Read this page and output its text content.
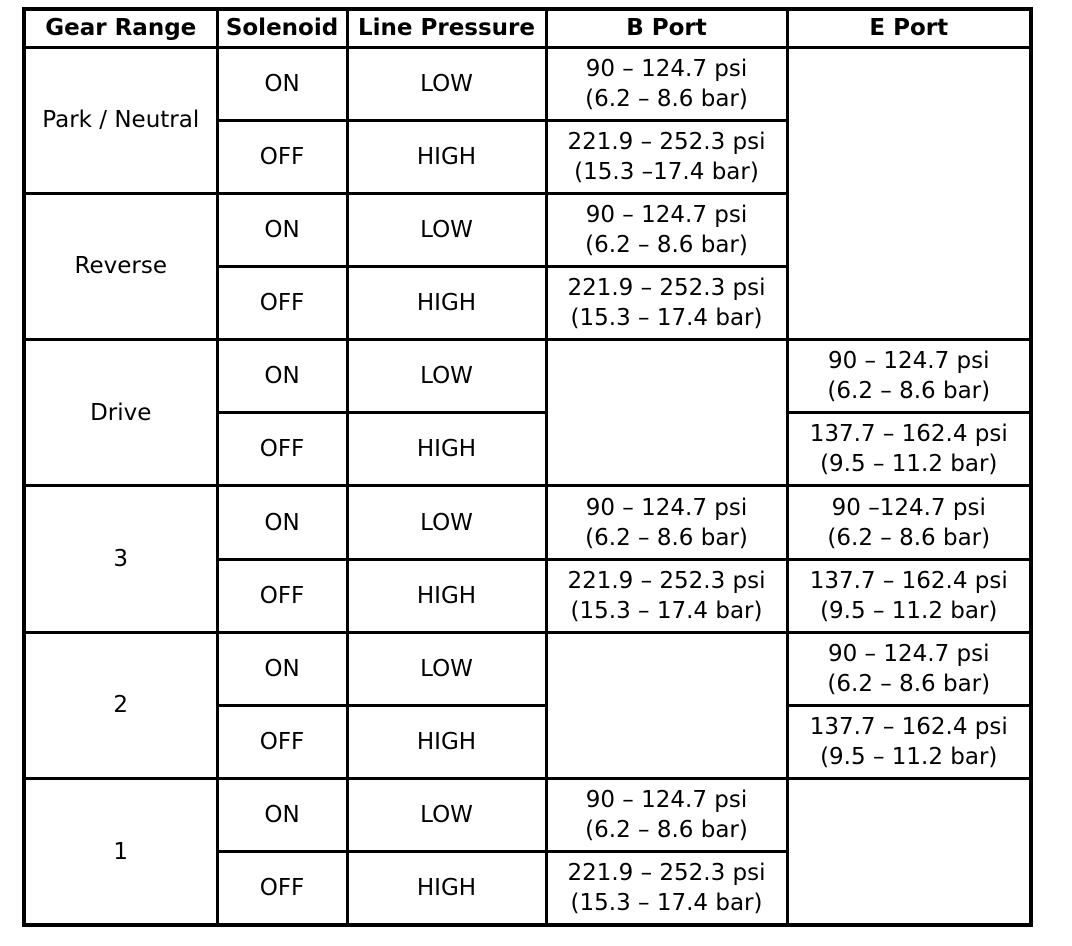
Gear Range	Solenoid	Line Pressure	B Port	E Port
Park / Neutral	ON	LOW	90 – 124.7 psi
(6.2 – 8.6 bar)	

	OFF	HIGH	221.9 – 252.3 psi
(15.3 –17.4 bar)	

Reverse	ON	LOW	90 – 124.7 psi
(6.2 – 8.6 bar)	

	OFF	HIGH	221.9 – 252.3 psi
(15.3 – 17.4 bar)	

Drive	ON	LOW		90 – 124.7 psi
(6.2 – 8.6 bar)

	OFF	HIGH		137.7 – 162.4 psi
(9.5 – 11.2 bar)

3	ON	LOW	90 – 124.7 psi
(6.2 – 8.6 bar)	90 –124.7 psi
(6.2 – 8.6 bar)

	OFF	HIGH	221.9 – 252.3 psi
(15.3 – 17.4 bar)	137.7 – 162.4 psi
(9.5 – 11.2 bar)

2	ON	LOW		90 – 124.7 psi
(6.2 – 8.6 bar)

	OFF	HIGH		137.7 – 162.4 psi
(9.5 – 11.2 bar)

1	ON	LOW	90 – 124.7 psi
(6.2 – 8.6 bar)	

	OFF	HIGH	221.9 – 252.3 psi
(15.3 – 17.4 bar)	
